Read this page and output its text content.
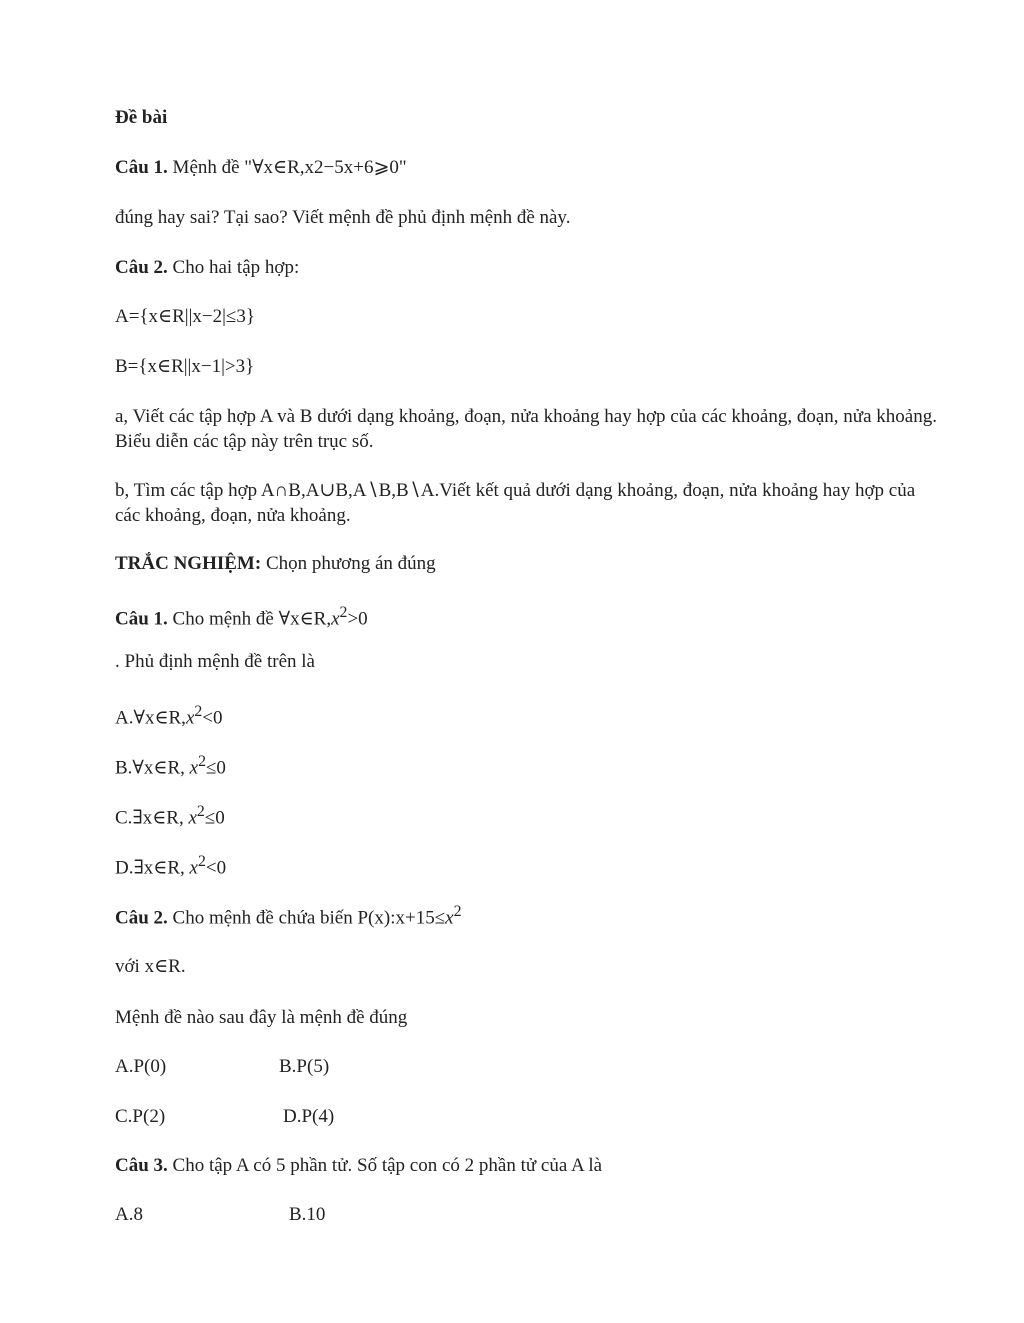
Đề bài
Câu 1. Mệnh đề "∀x∈R,x2−5x+6⩾0"
đúng hay sai? Tại sao? Viết mệnh đề phủ định mệnh đề này.
Câu 2. Cho hai tập hợp:
A={x∈R||x−2|≤3}
B={x∈R||x−1|>3}
a, Viết các tập hợp A và B dưới dạng khoảng, đoạn, nửa khoảng hay hợp của các khoảng, đoạn, nửa khoảng. Biểu diễn các tập này trên trục số.
b, Tìm các tập hợp A∩B,A∪B,A∖B,B∖A.Viết kết quả dưới dạng khoảng, đoạn, nửa khoảng hay hợp của các khoảng, đoạn, nửa khoảng.
TRẮC NGHIỆM: Chọn phương án đúng
Câu 1. Cho mệnh đề $\forall x\in R,x^2>0$
. Phủ định mệnh đề trên là
$A.\forall x\in R,x^2<0$
B.∀x∈R, $x^2\le 0$
C.∃x∈R, $x^2\le 0$
D.∃x∈R, $x^2<0$
Câu 2. Cho mệnh đề chứa biến $P(x):x+15\le x^2$
với x∈R.
Mệnh đề nào sau đây là mệnh đề đúng
A.P(0)	B.P(5)
C.P(2)	D.P(4)
Câu 3. Cho tập A có 5 phần tử. Số tập con có 2 phần tử của A là
A.8	B.10
